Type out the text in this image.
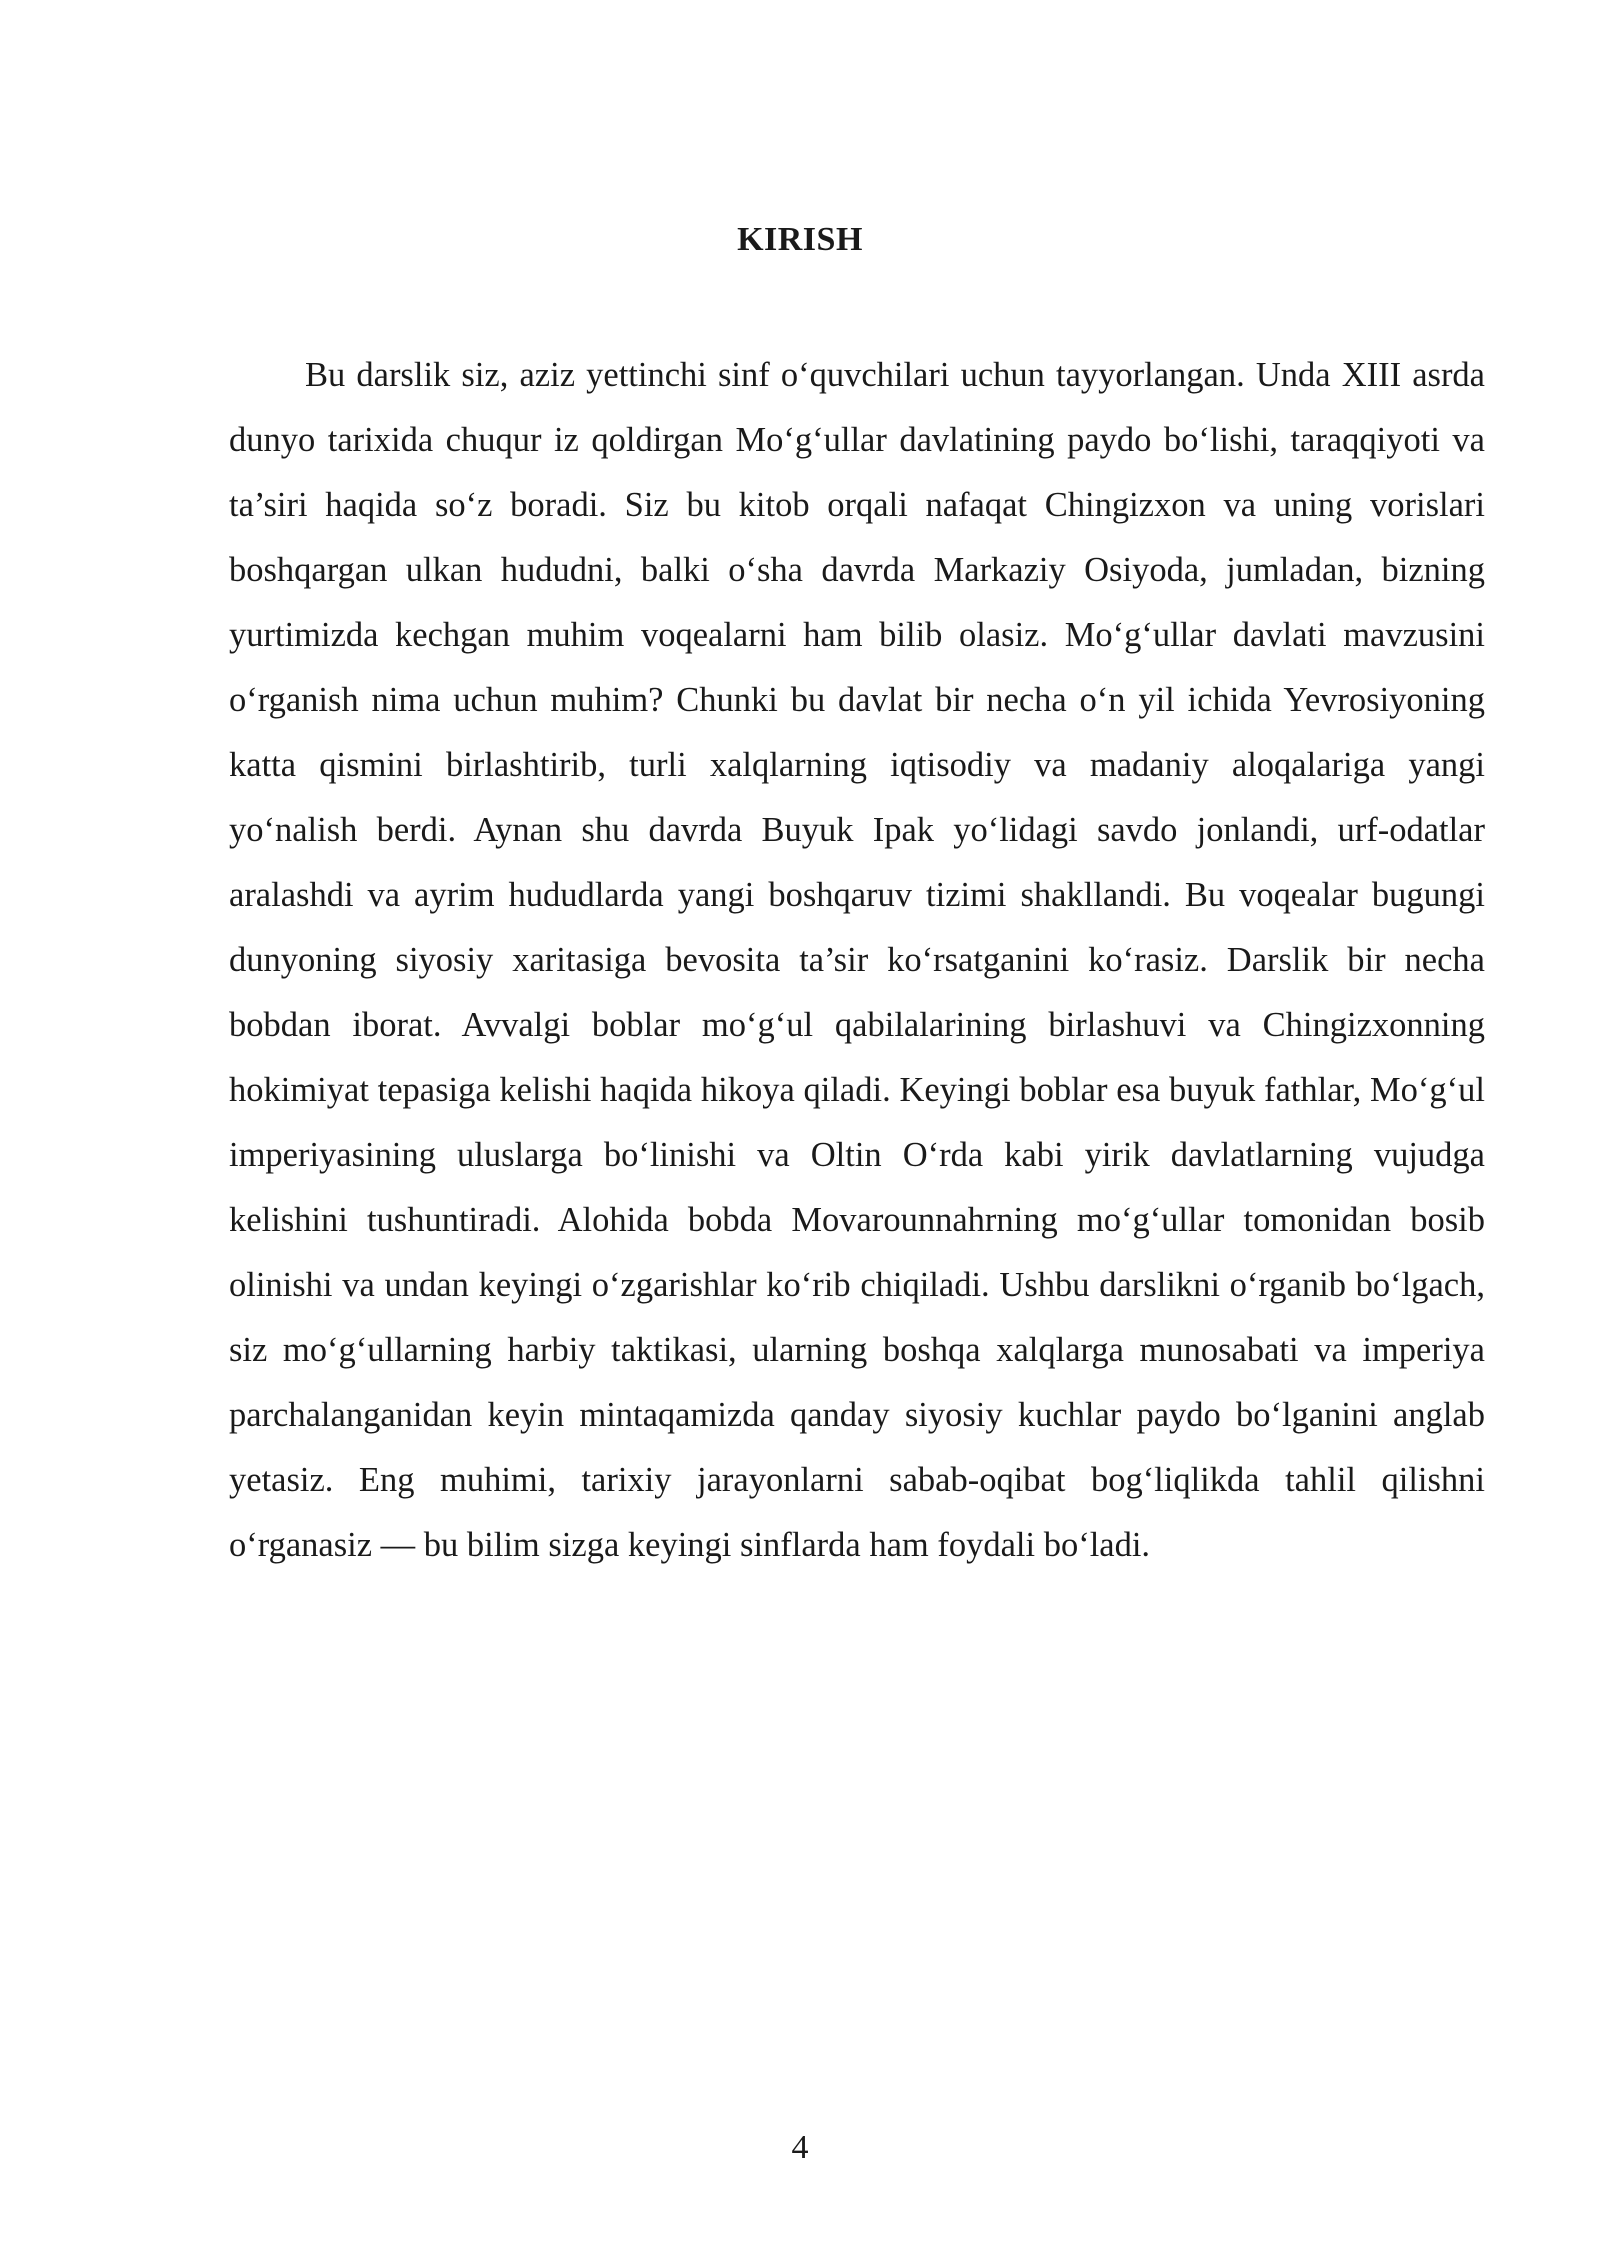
KIRISH

Bu darslik siz, aziz yettinchi sinf o‘quvchilari uchun tayyorlangan. Unda XIII asrda dunyo tarixida chuqur iz qoldirgan Mo‘g‘ullar davlatining paydo bo‘lishi, taraqqiyoti va ta’siri haqida so‘z boradi. Siz bu kitob orqali nafaqat Chingizxon va uning vorislari boshqargan ulkan hududni, balki o‘sha davrda Markaziy Osiyoda, jumladan, bizning yurtimizda kechgan muhim voqealarni ham bilib olasiz. Mo‘g‘ullar davlati mavzusini o‘rganish nima uchun muhim? Chunki bu davlat bir necha o‘n yil ichida Yevrosiyoning katta qismini birlashtirib, turli xalqlarning iqtisodiy va madaniy aloqalariga yangi yo‘nalish berdi. Aynan shu davrda Buyuk Ipak yo‘lidagi savdo jonlandi, urf-odatlar aralashdi va ayrim hududlarda yangi boshqaruv tizimi shakllandi. Bu voqealar bugungi dunyoning siyosiy xaritasiga bevosita ta’sir ko‘rsatganini ko‘rasiz. Darslik bir necha bobdan iborat. Avvalgi boblar mo‘g‘ul qabilalarining birlashuvi va Chingizxonning hokimiyat tepasiga kelishi haqida hikoya qiladi. Keyingi boblar esa buyuk fathlar, Mo‘g‘ul imperiyasining uluslarga bo‘linishi va Oltin O‘rda kabi yirik davlatlarning vujudga kelishini tushuntiradi. Alohida bobda Movarounnahrning mo‘g‘ullar tomonidan bosib olinishi va undan keyingi o‘zgarishlar ko‘rib chiqiladi. Ushbu darslikni o‘rganib bo‘lgach, siz mo‘g‘ullarning harbiy taktikasi, ularning boshqa xalqlarga munosabati va imperiya parchalanganidan keyin mintaqamizda qanday siyosiy kuchlar paydo bo‘lganini anglab yetasiz. Eng muhimi, tarixiy jarayonlarni sabab-oqibat bog‘liqlikda tahlil qilishni o‘rganasiz — bu bilim sizga keyingi sinflarda ham foydali bo‘ladi.

4
